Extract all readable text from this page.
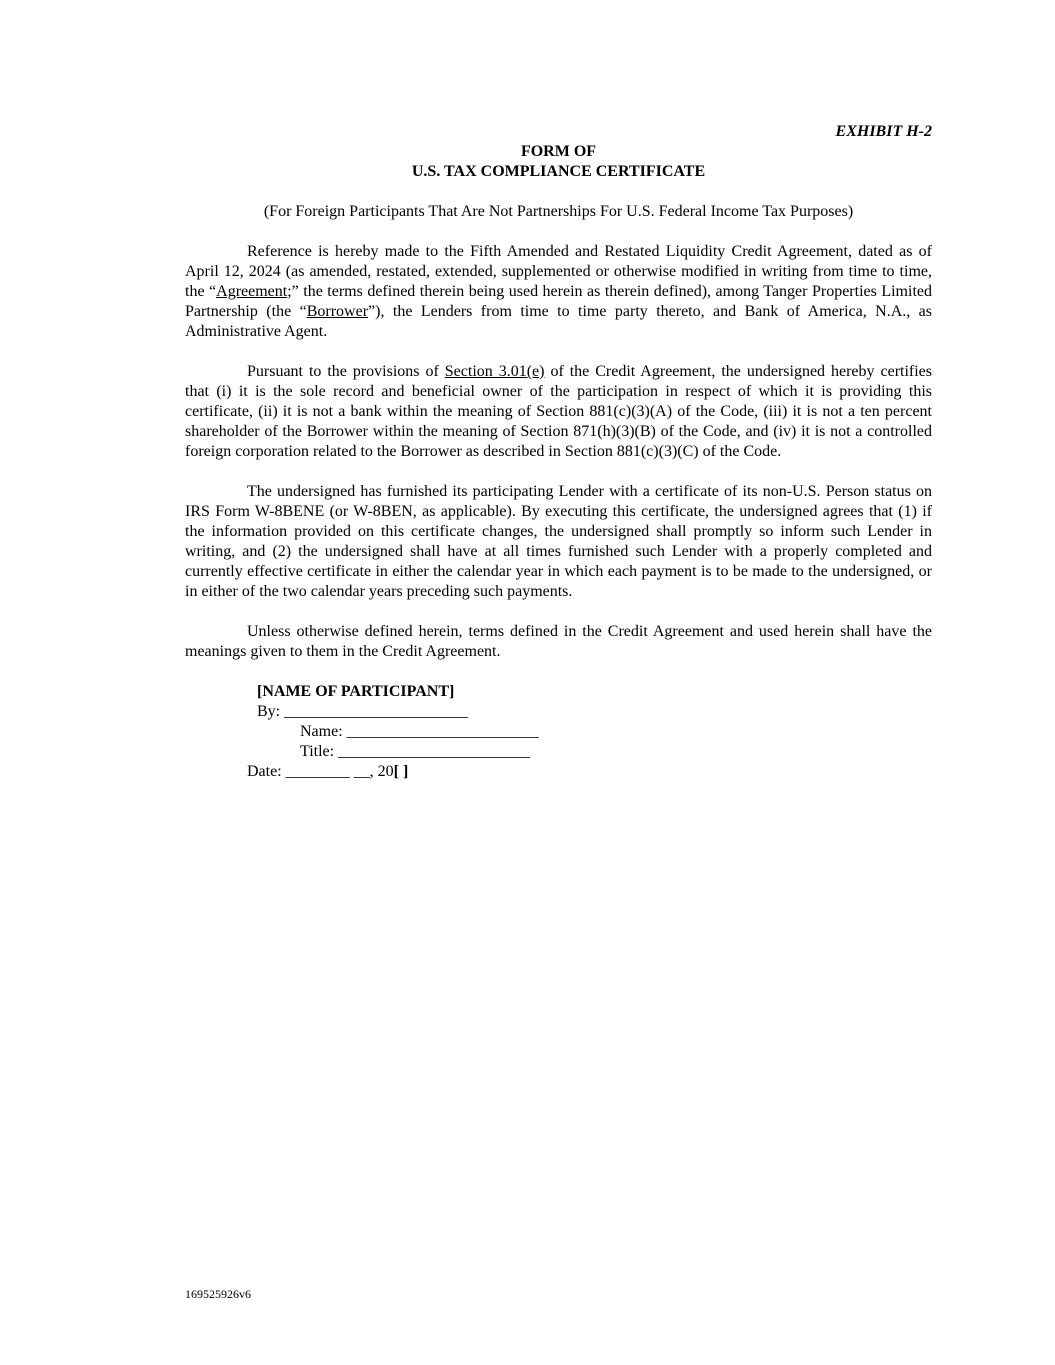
EXHIBIT H-2
FORM OF
U.S. TAX COMPLIANCE CERTIFICATE
(For Foreign Participants That Are Not Partnerships For U.S. Federal Income Tax Purposes)
Reference is hereby made to the Fifth Amended and Restated Liquidity Credit Agreement, dated as of April 12, 2024 (as amended, restated, extended, supplemented or otherwise modified in writing from time to time, the “Agreement;” the terms defined therein being used herein as therein defined), among Tanger Properties Limited Partnership (the “Borrower”), the Lenders from time to time party thereto, and Bank of America, N.A., as Administrative Agent.
Pursuant to the provisions of Section 3.01(e) of the Credit Agreement, the undersigned hereby certifies that (i) it is the sole record and beneficial owner of the participation in respect of which it is providing this certificate, (ii) it is not a bank within the meaning of Section 881(c)(3)(A) of the Code, (iii) it is not a ten percent shareholder of the Borrower within the meaning of Section 871(h)(3)(B) of the Code, and (iv) it is not a controlled foreign corporation related to the Borrower as described in Section 881(c)(3)(C) of the Code.
The undersigned has furnished its participating Lender with a certificate of its non-U.S. Person status on IRS Form W-8BENE (or W-8BEN, as applicable). By executing this certificate, the undersigned agrees that (1) if the information provided on this certificate changes, the undersigned shall promptly so inform such Lender in writing, and (2) the undersigned shall have at all times furnished such Lender with a properly completed and currently effective certificate in either the calendar year in which each payment is to be made to the undersigned, or in either of the two calendar years preceding such payments.
Unless otherwise defined herein, terms defined in the Credit Agreement and used herein shall have the meanings given to them in the Credit Agreement.
[NAME OF PARTICIPANT]
By: _______________________
Name: ________________________
Title: ________________________
Date: ________ __, 20[ ]
169525926v6
